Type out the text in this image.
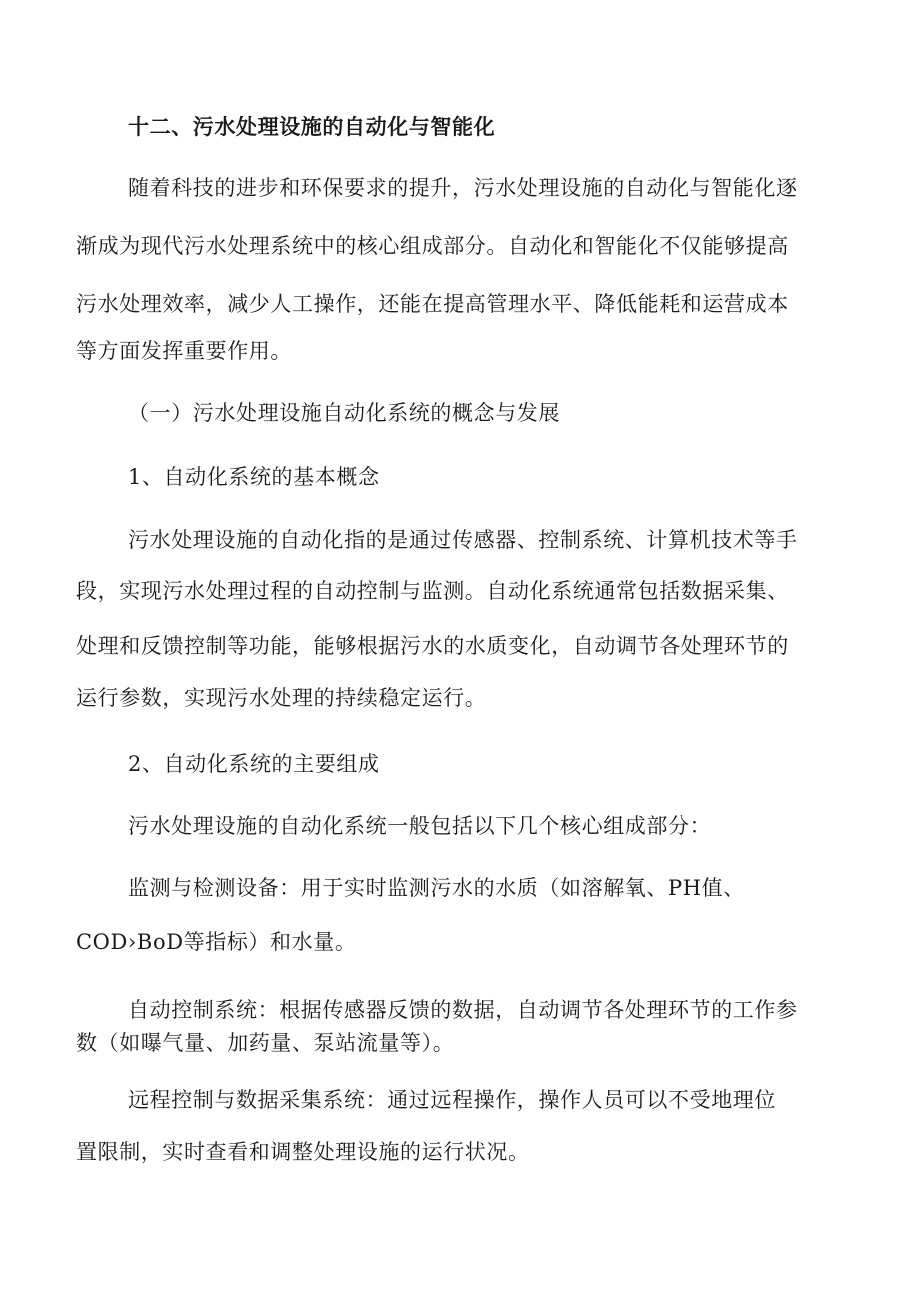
十二、污水处理设施的自动化与智能化

随着科技的进步和环保要求的提升，污水处理设施的自动化与智能化逐

渐成为现代污水处理系统中的核心组成部分。自动化和智能化不仅能够提高

污水处理效率，减少人工操作，还能在提高管理水平、降低能耗和运营成本

等方面发挥重要作用。

（一）污水处理设施自动化系统的概念与发展

1、自动化系统的基本概念

污水处理设施的自动化指的是通过传感器、控制系统、计算机技术等手

段，实现污水处理过程的自动控制与监测。自动化系统通常包括数据采集、

处理和反馈控制等功能，能够根据污水的水质变化，自动调节各处理环节的

运行参数，实现污水处理的持续稳定运行。

2、自动化系统的主要组成

污水处理设施的自动化系统一般包括以下几个核心组成部分：

监测与检测设备：用于实时监测污水的水质（如溶解氧、PH值、

COD›BoD等指标）和水量。

自动控制系统：根据传感器反馈的数据，自动调节各处理环节的工作参

数（如曝气量、加药量、泵站流量等）。

远程控制与数据采集系统：通过远程操作，操作人员可以不受地理位

置限制，实时查看和调整处理设施的运行状况。
